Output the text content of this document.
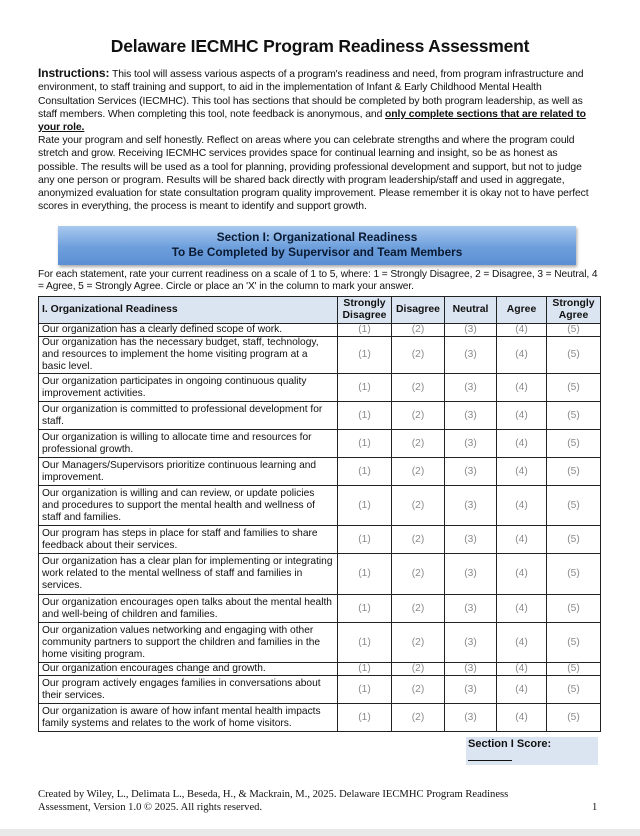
Delaware IECMHC Program Readiness Assessment

Instructions: This tool will assess various aspects of a program's readiness and need, from program infrastructure and environment, to staff training and support, to aid in the implementation of Infant & Early Childhood Mental Health Consultation Services (IECMHC). This tool has sections that should be completed by both program leadership, as well as staff members. When completing this tool, note feedback is anonymous, and only complete sections that are related to your role.

Rate your program and self honestly. Reflect on areas where you can celebrate strengths and where the program could stretch and grow. Receiving IECMHC services provides space for continual learning and insight, so be as honest as possible. The results will be used as a tool for planning, providing professional development and support, but not to judge any one person or program. Results will be shared back directly with program leadership/staff and used in aggregate, anonymized evaluation for state consultation program quality improvement. Please remember it is okay not to have perfect scores in everything, the process is meant to identify and support growth.

Section I: Organizational Readiness
To Be Completed by Supervisor and Team Members

For each statement, rate your current readiness on a scale of 1 to 5, where: 1 = Strongly Disagree, 2 = Disagree, 3 = Neutral, 4 = Agree, 5 = Strongly Agree. Circle or place an 'X' in the column to mark your answer.

I. Organizational Readiness	Strongly Disagree	Disagree	Neutral	Agree	Strongly Agree
Our organization has a clearly defined scope of work.	(1)	(2)	(3)	(4)	(5)
Our organization has the necessary budget, staff, technology, and resources to implement the home visiting program at a basic level.	(1)	(2)	(3)	(4)	(5)
Our organization participates in ongoing continuous quality improvement activities.	(1)	(2)	(3)	(4)	(5)
Our organization is committed to professional development for staff.	(1)	(2)	(3)	(4)	(5)
Our organization is willing to allocate time and resources for professional growth.	(1)	(2)	(3)	(4)	(5)
Our Managers/Supervisors prioritize continuous learning and improvement.	(1)	(2)	(3)	(4)	(5)
Our organization is willing and can review, or update policies and procedures to support the mental health and wellness of staff and families.	(1)	(2)	(3)	(4)	(5)
Our program has steps in place for staff and families to share feedback about their services.	(1)	(2)	(3)	(4)	(5)
Our organization has a clear plan for implementing or integrating work related to the mental wellness of staff and families in services.	(1)	(2)	(3)	(4)	(5)
Our organization encourages open talks about the mental health and well-being of children and families.	(1)	(2)	(3)	(4)	(5)
Our organization values networking and engaging with other community partners to support the children and families in the home visiting program.	(1)	(2)	(3)	(4)	(5)
Our organization encourages change and growth.	(1)	(2)	(3)	(4)	(5)
Our program actively engages families in conversations about their services.	(1)	(2)	(3)	(4)	(5)
Our organization is aware of how infant mental health impacts family systems and relates to the work of home visitors.	(1)	(2)	(3)	(4)	(5)
Section I Score:
Created by Wiley, L., Delimata L., Beseda, H., & Mackrain, M., 2025. Delaware IECMHC Program Readiness Assessment, Version 1.0 © 2025. All rights reserved.	1
